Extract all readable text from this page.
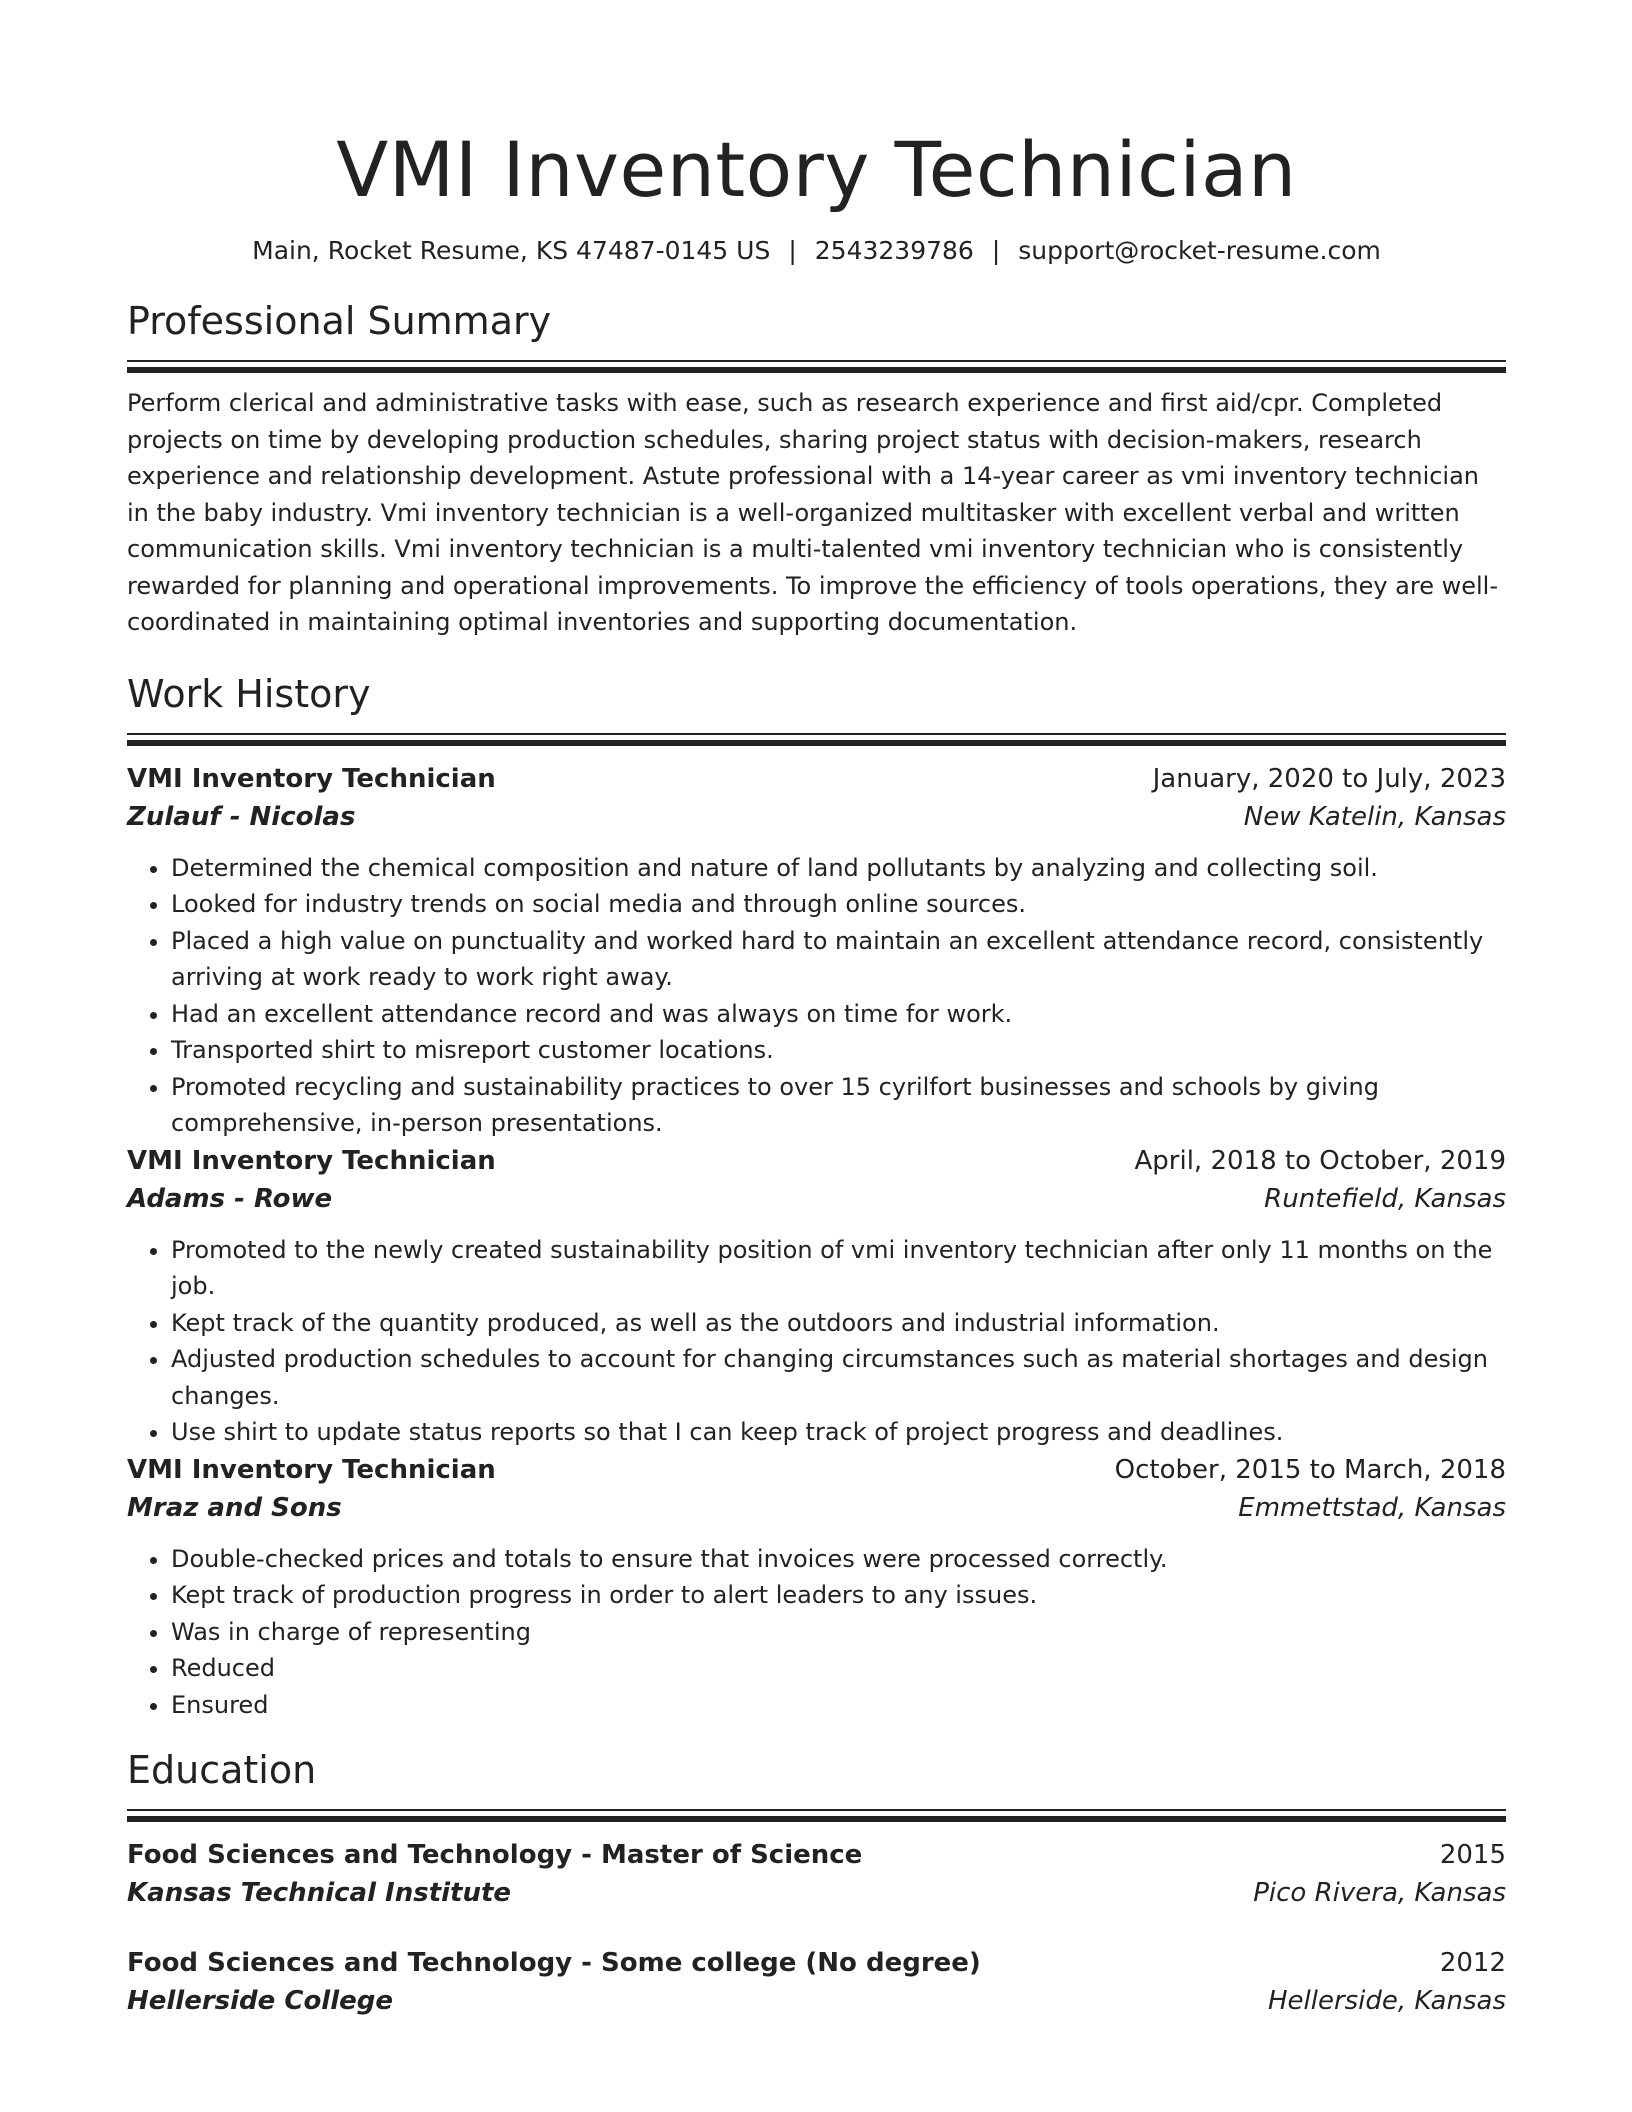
VMI Inventory Technician
Main, Rocket Resume, KS 47487-0145 US | 2543239786 | support@rocket-resume.com
Professional Summary
Perform clerical and administrative tasks with ease, such as research experience and first aid/cpr. Completed projects on time by developing production schedules, sharing project status with decision-makers, research experience and relationship development. Astute professional with a 14-year career as vmi inventory technician in the baby industry. Vmi inventory technician is a well-organized multitasker with excellent verbal and written communication skills. Vmi inventory technician is a multi-talented vmi inventory technician who is consistently rewarded for planning and operational improvements. To improve the efficiency of tools operations, they are well-coordinated in maintaining optimal inventories and supporting documentation.
Work History
VMI Inventory Technician	January, 2020 to July, 2023
Zulauf - Nicolas	New Katelin, Kansas
• Determined the chemical composition and nature of land pollutants by analyzing and collecting soil.
• Looked for industry trends on social media and through online sources.
• Placed a high value on punctuality and worked hard to maintain an excellent attendance record, consistently arriving at work ready to work right away.
• Had an excellent attendance record and was always on time for work.
• Transported shirt to misreport customer locations.
• Promoted recycling and sustainability practices to over 15 cyrilfort businesses and schools by giving comprehensive, in-person presentations.
VMI Inventory Technician	April, 2018 to October, 2019
Adams - Rowe	Runtefield, Kansas
• Promoted to the newly created sustainability position of vmi inventory technician after only 11 months on the job.
• Kept track of the quantity produced, as well as the outdoors and industrial information.
• Adjusted production schedules to account for changing circumstances such as material shortages and design changes.
• Use shirt to update status reports so that I can keep track of project progress and deadlines.
VMI Inventory Technician	October, 2015 to March, 2018
Mraz and Sons	Emmettstad, Kansas
• Double-checked prices and totals to ensure that invoices were processed correctly.
• Kept track of production progress in order to alert leaders to any issues.
• Was in charge of representing
• Reduced
• Ensured
Education
Food Sciences and Technology - Master of Science	2015
Kansas Technical Institute	Pico Rivera, Kansas
Food Sciences and Technology - Some college (No degree)	2012
Hellerside College	Hellerside, Kansas
